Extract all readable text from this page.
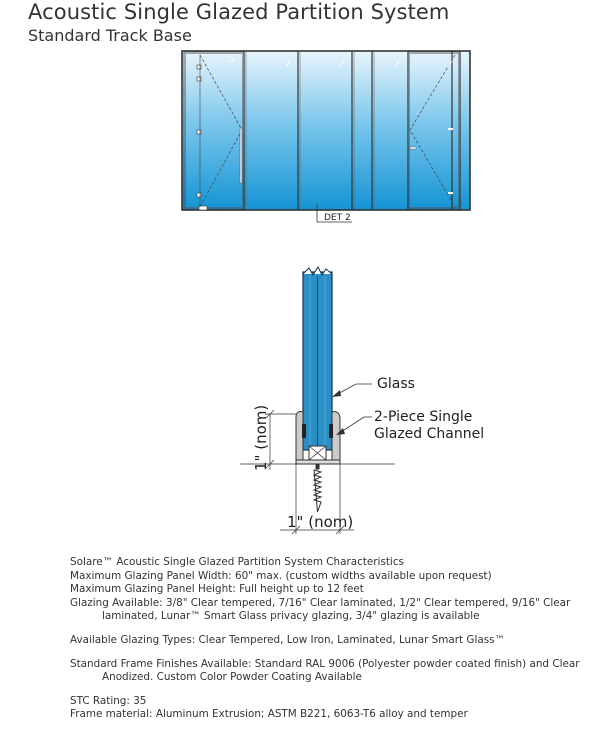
Acoustic Single Glazed Partition System
Standard Track Base
DET 2
1" (nom)
1" (nom)
Glass
2-Piece Single
Glazed Channel

Solare™ Acoustic Single Glazed Partition System Characteristics

Maximum Glazing Panel Width: 60" max. (custom widths available upon request)

Maximum Glazing Panel Height: Full height up to 12 feet

Glazing Available: 3/8" Clear tempered, 7/16" Clear laminated, 1/2" Clear tempered, 9/16" Clear

laminated, Lunar™ Smart Glass privacy glazing, 3/4" glazing is available

Available Glazing Types: Clear Tempered, Low Iron, Laminated, Lunar Smart Glass™

Standard Frame Finishes Available: Standard RAL 9006 (Polyester powder coated finish) and Clear

Anodized. Custom Color Powder Coating Available

STC Rating: 35

Frame material: Aluminum Extrusion; ASTM B221, 6063-T6 alloy and temper
